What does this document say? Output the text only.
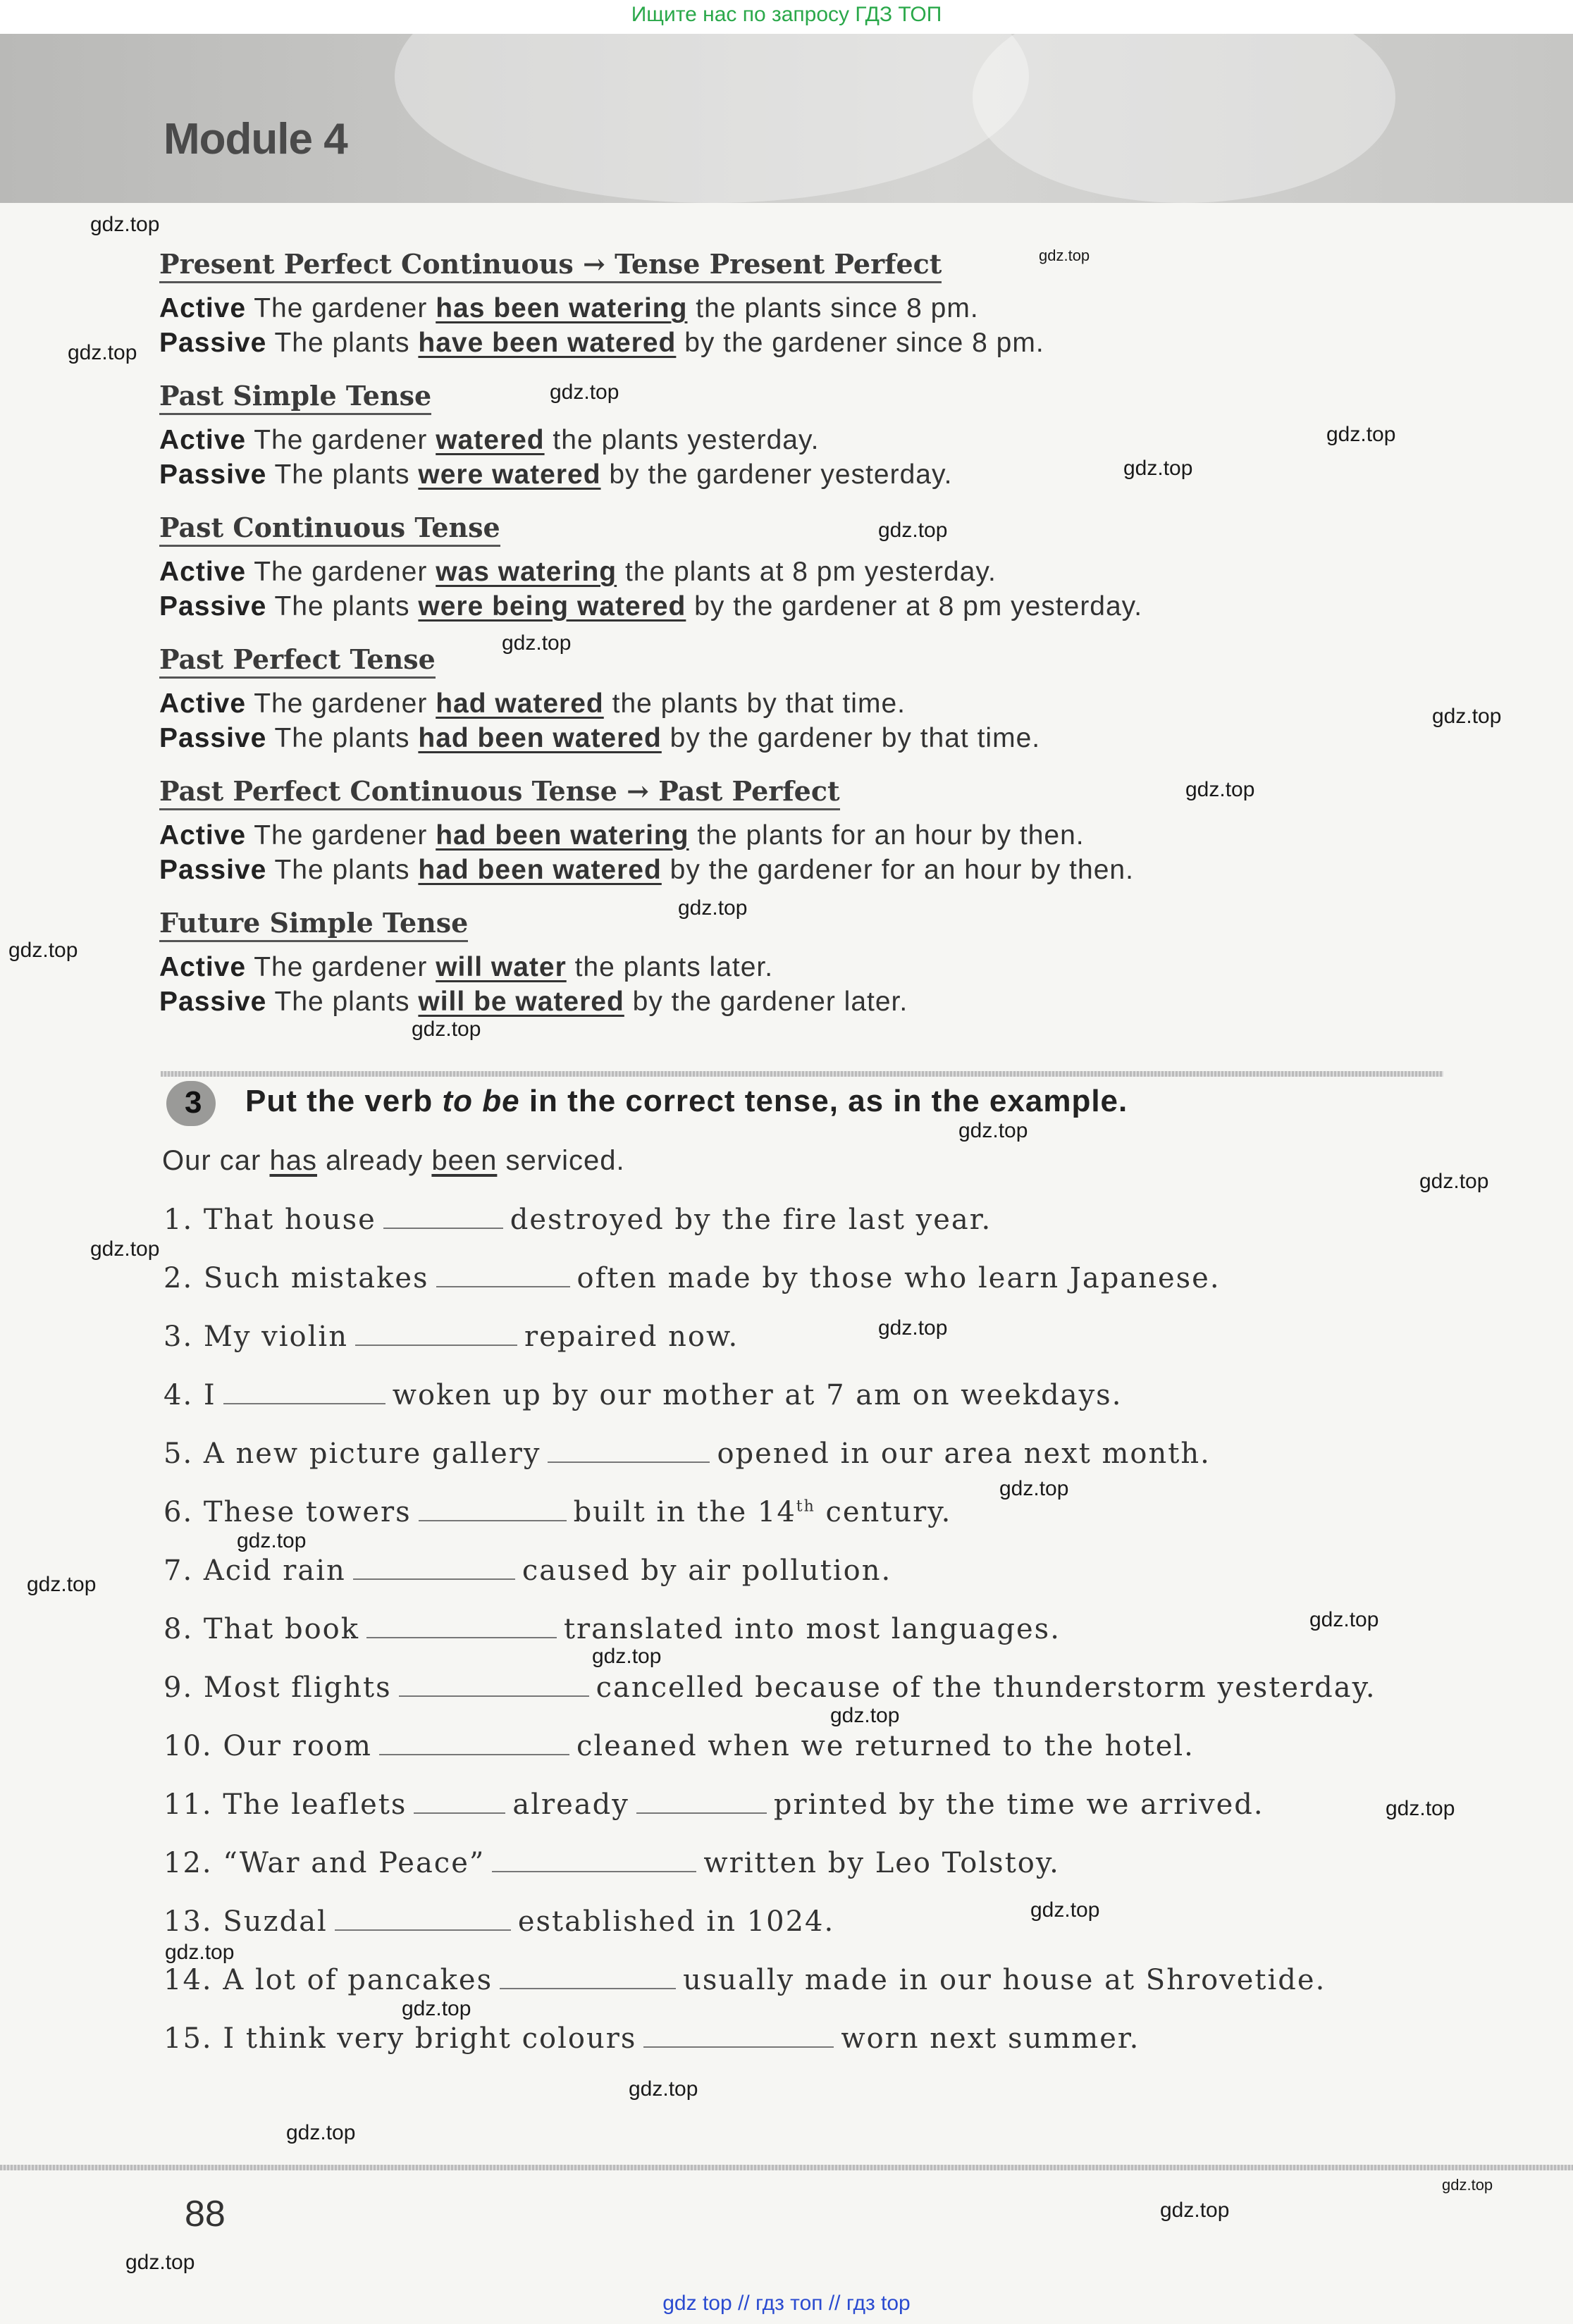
Ищите нас по запросу ГДЗ ТОП
Module 4
Present Perfect Continuous → Tense Present Perfect
Active The gardener has been watering the plants since 8 pm.
Passive The plants have been watered by the gardener since 8 pm.
Past Simple Tense
Active The gardener watered the plants yesterday.
Passive The plants were watered by the gardener yesterday.
Past Continuous Tense
Active The gardener was watering the plants at 8 pm yesterday.
Passive The plants were being watered by the gardener at 8 pm yesterday.
Past Perfect Tense
Active The gardener had watered the plants by that time.
Passive The plants had been watered by the gardener by that time.
Past Perfect Continuous Tense → Past Perfect
Active The gardener had been watering the plants for an hour by then.
Passive The plants had been watered by the gardener for an hour by then.
Future Simple Tense
Active The gardener will water the plants later.
Passive The plants will be watered by the gardener later.
3 Put the verb to be in the correct tense, as in the example.
Our car has already been serviced.
1. That house	destroyed by the fire last year.
2. Such mistakes	often made by those who learn Japanese.
3. My violin	repaired now.
4. I	woken up by our mother at 7 am on weekdays.
5. A new picture gallery	opened in our area next month.
6. These towers	built in the 14th century.
7. Acid rain	caused by air pollution.
8. That book	translated into most languages.
9. Most flights	cancelled because of the thunderstorm yesterday.
10. Our room	cleaned when we returned to the hotel.
11. The leaflets	already	printed by the time we arrived.
12. “War and Peace”	written by Leo Tolstoy.
13. Suzdal	established in 1024.
14. A lot of pancakes	usually made in our house at Shrovetide.
15. I think very bright colours	worn next summer.
88
gdz top // гдз топ // гдз top
gdz.top
gdz.top
gdz.top
gdz.top
gdz.top
gdz.top
gdz.top
gdz.top
gdz.top
gdz.top
gdz.top
gdz.top
gdz.top
gdz.top
gdz.top
gdz.top
gdz.top
gdz.top
gdz.top
gdz.top
gdz.top
gdz.top
gdz.top
gdz.top
gdz.top
gdz.top
gdz.top
gdz.top
gdz.top
gdz.top
gdz.top
gdz.top
